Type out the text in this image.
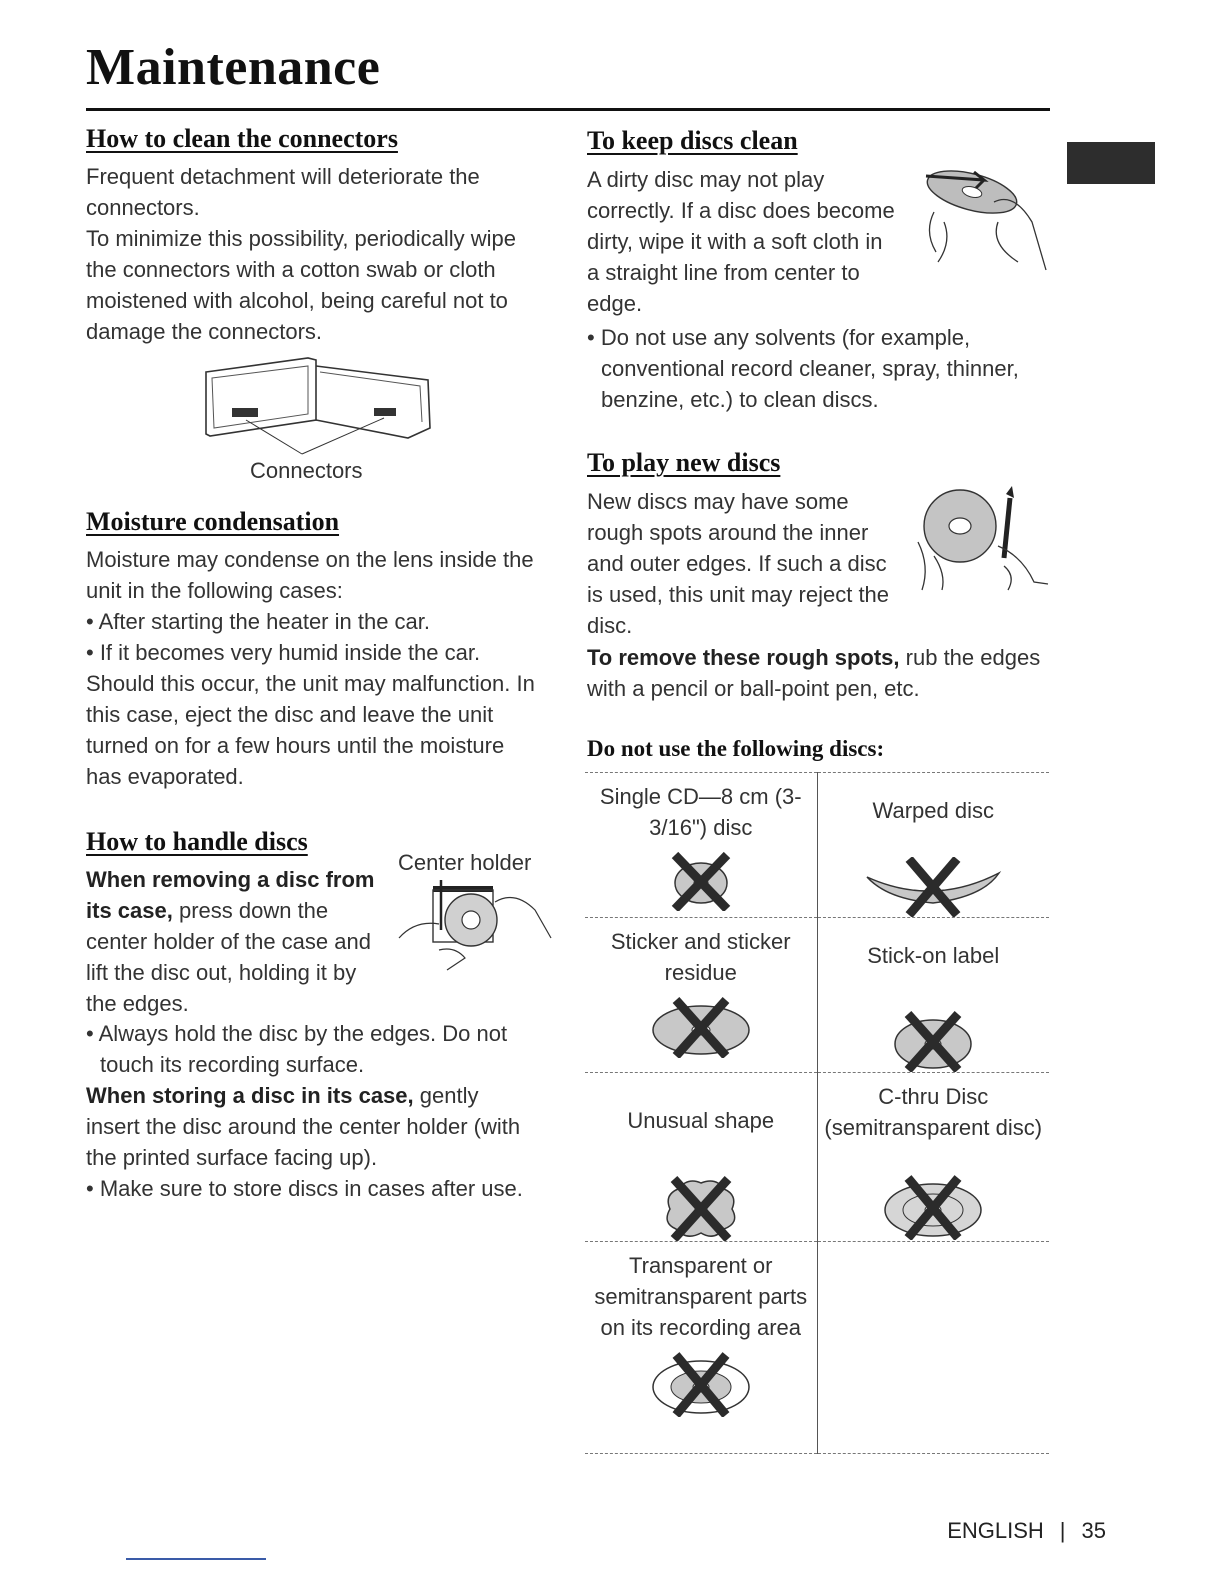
Maintenance
How to clean the connectors

Frequent detachment will deteriorate the connectors.

To minimize this possibility, periodically wipe the connectors with a cotton swab or cloth moistened with alcohol, being careful not to damage the connectors.

Connectors
Moisture condensation

Moisture may condense on the lens inside the unit in the following cases:

• After starting the heater in the car.

• If it becomes very humid inside the car.

Should this occur, the unit may malfunction. In this case, eject the disc and leave the unit turned on for a few hours until the moisture has evaporated.

How to handle discs
Center holder

When removing a disc from its case, press down the center holder of the case and lift the disc out, holding it by the edges.

• Always hold the disc by the edges. Do not touch its recording surface.

When storing a disc in its case, gently insert the disc around the center holder (with the printed surface facing up).

• Make sure to store discs in cases after use.

To keep discs clean

A dirty disc may not play correctly. If a disc does become dirty, wipe it with a soft cloth in a straight line from center to edge.

• Do not use any solvents (for example, conventional record cleaner, spray, thinner, benzine, etc.) to clean discs.

To play new discs

New discs may have some rough spots around the inner and outer edges. If such a disc is used, this unit may reject the disc.

To remove these rough spots, rub the edges with a pencil or ball-point pen, etc.

Do not use the following discs:
Single CD—8 cm (3-3/16") disc	Warped disc

Sticker and sticker residue	Stick-on label

Unusual shape	C-thru Disc (semitransparent disc)

Transparent or semitransparent parts on its recording area	

ENGLISH | 35
